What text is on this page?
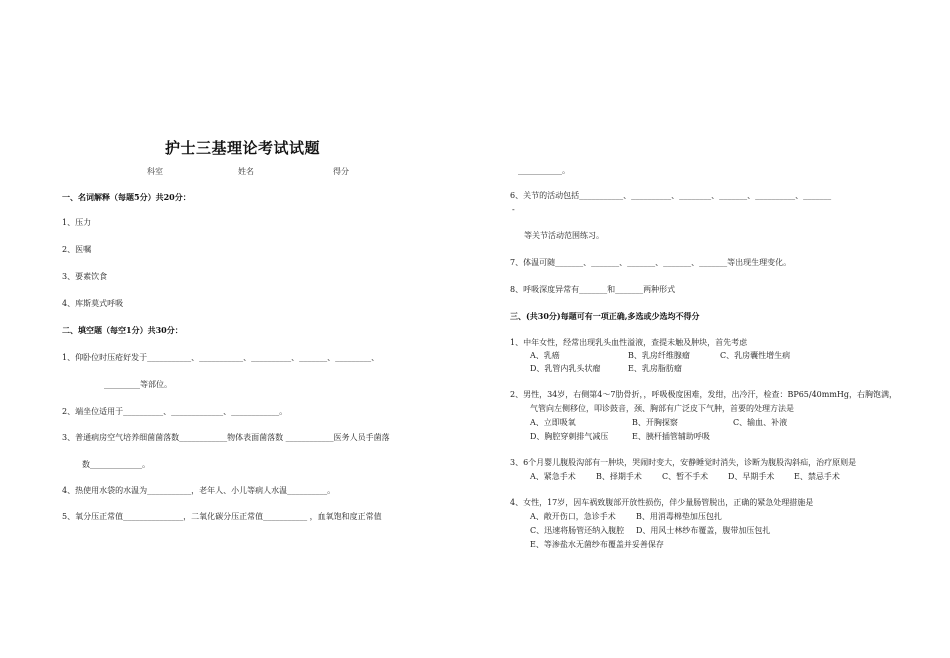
护士三基理论考试试题
科室	姓名	得分
一、名词解释（每题5分）共20分：
1、压力
2、医嘱
3、要素饮食
4、库斯莫式呼吸
二、填空题（每空1分）共30分：
1、仰卧位时压疮好发于___________、___________、__________、_______、_________、
_________等部位。
2、端坐位适用于__________、_____________、____________。
3、普通病房空气培养细菌菌落数____________物体表面菌落数 ____________医务人员手菌落
数_____________。
4、热使用水袋的水温为___________，老年人、小儿等病人水温__________。
5、氧分压正常值_______________，二氧化碳分压正常值___________ ，血氧饱和度正常值
___________。
6、关节的活动包括___________、__________、________、_______、__________、_______
-
等关节活动范围练习。
7、体温可随_______、_______、_______、_______、_______等出现生理变化。
8、呼吸深度异常有_______和_______两种形式
三、(共30分)每题可有一项正确,多选或少选均不得分
1、中年女性，经常出现乳头血性溢液，查提未触及肿块，首先考虑
A、乳癌	B、乳房纤维腺瘤	C、乳房囊性增生病
D、乳管内乳头状瘤	E、乳房脂肪瘤
2、男性，34岁，右侧第4～7肋骨折，，呼吸极度困难，发绀，出冷汗，检查：BP65/40mmHg，右胸饱满，
气管向左侧移位，叩诊鼓音，颈、胸部有广泛皮下气肿，首要的处理方法是
A、立即吸氧	B、开胸探察	C、输血、补液
D、胸腔穿刺排气减压	E、胰杆插管辅助呼吸
3、6个月婴儿腹股沟部有一肿块，哭闹时变大，安静睡觉时消失，诊断为腹股沟斜疝，治疗原则是
A、紧急手术	B、择期手术	C、暂不手术 D、早期手术 E、禁忌手术
4、女性，17岁，因车祸致腹部开放性损伤，伴少量肠管脱出，正确的紧急处理措施是
A、敞开伤口，急诊手术	B、用消毒棉垫加压包扎
C、迅速将肠管还纳入腹腔 D、用风士林纱布覆盖，腹带加压包扎
E、等渗盐水无菌纱布覆盖并妥善保存
